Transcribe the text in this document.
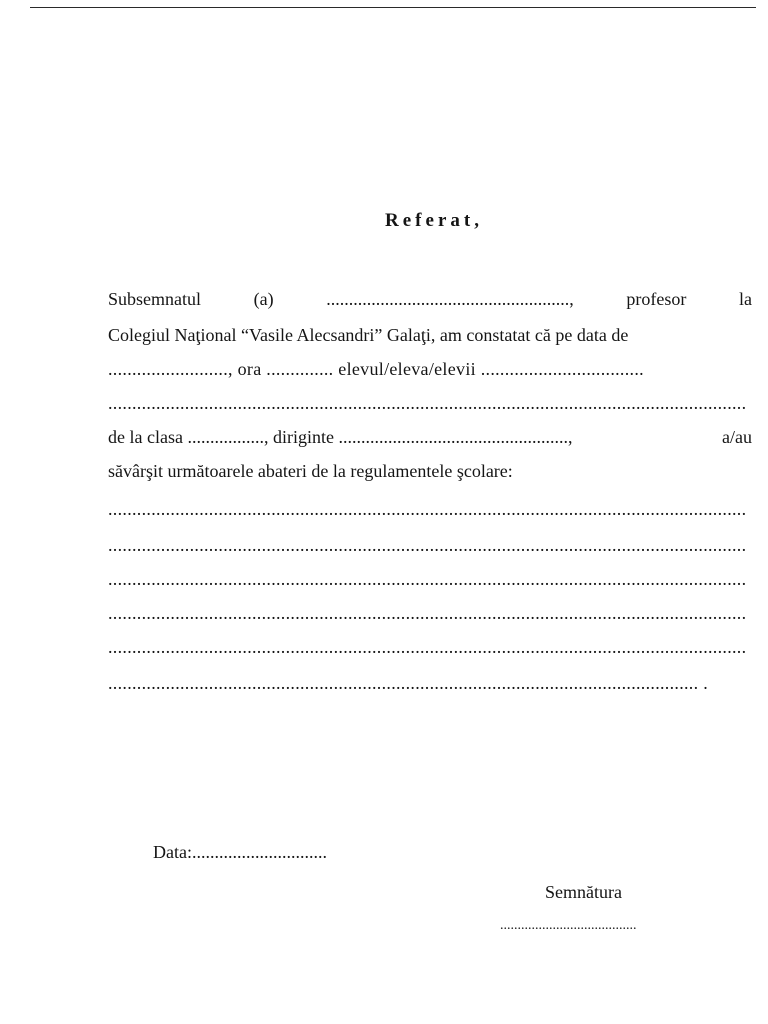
Referat,
Subsemnatul	(a)	......................................................,	profesor	la
Colegiul Naţional “Vasile Alecsandri” Galaţi, am constatat că pe data de
........................., ora .............. elevul/eleva/elevii ..................................
.....................................................................................................................................
de la clasa ................., diriginte ...................................................,	a/au
săvârşit următoarele abateri de la regulamentele şcolare:
.....................................................................................................................................
.....................................................................................................................................
.....................................................................................................................................
.....................................................................................................................................
.....................................................................................................................................
........................................................................................................................... .
Data:..............................
Semnătura
.......................................
